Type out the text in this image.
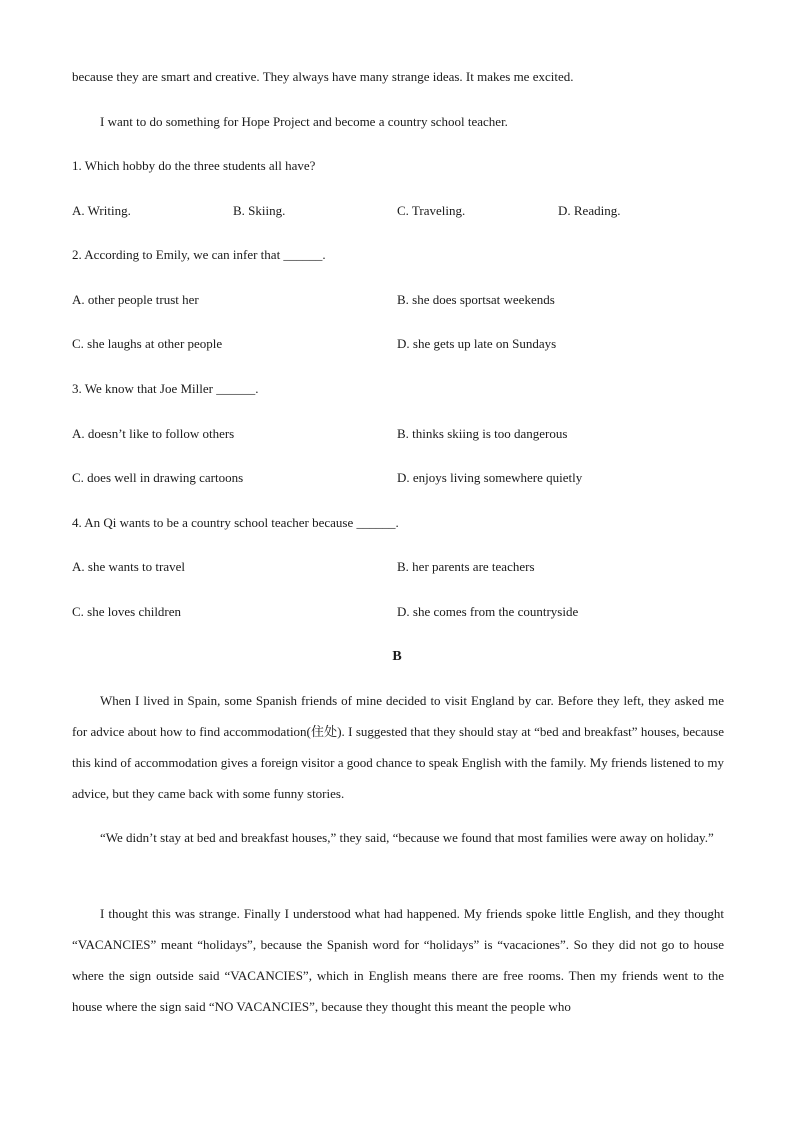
because they are smart and creative. They always have many strange ideas. It makes me excited.
I want to do something for Hope Project and become a country school teacher.
1. Which hobby do the three students all have?
A. Writing.	B. Skiing.	C. Traveling.	D. Reading.
2. According to Emily, we can infer that ______.
A. other people trust her	B. she does sportsat weekends
C. she laughs at other people	D. she gets up late on Sundays
3. We know that Joe Miller ______.
A. doesn’t like to follow others	B. thinks skiing is too dangerous
C. does well in drawing cartoons	D. enjoys living somewhere quietly
4. An Qi wants to be a country school teacher because ______.
A. she wants to travel	B. her parents are teachers
C. she loves children	D. she comes from the countryside
B
When I lived in Spain, some Spanish friends of mine decided to visit England by car. Before they left, they asked me for advice about how to find accommodation(住处). I suggested that they should stay at “bed and breakfast” houses, because this kind of accommodation gives a foreign visitor a good chance to speak English with the family. My friends listened to my advice, but they came back with some funny stories.
“We didn’t stay at bed and breakfast houses,” they said, “because we found that most families were away on holiday.”
I thought this was strange. Finally I understood what had happened. My friends spoke little English, and they thought “VACANCIES” meant “holidays”, because the Spanish word for “holidays” is “vacaciones”. So they did not go to house where the sign outside said “VACANCIES”, which in English means there are free rooms. Then my friends went to the house where the sign said “NO VACANCIES”, because they thought this meant the people who
